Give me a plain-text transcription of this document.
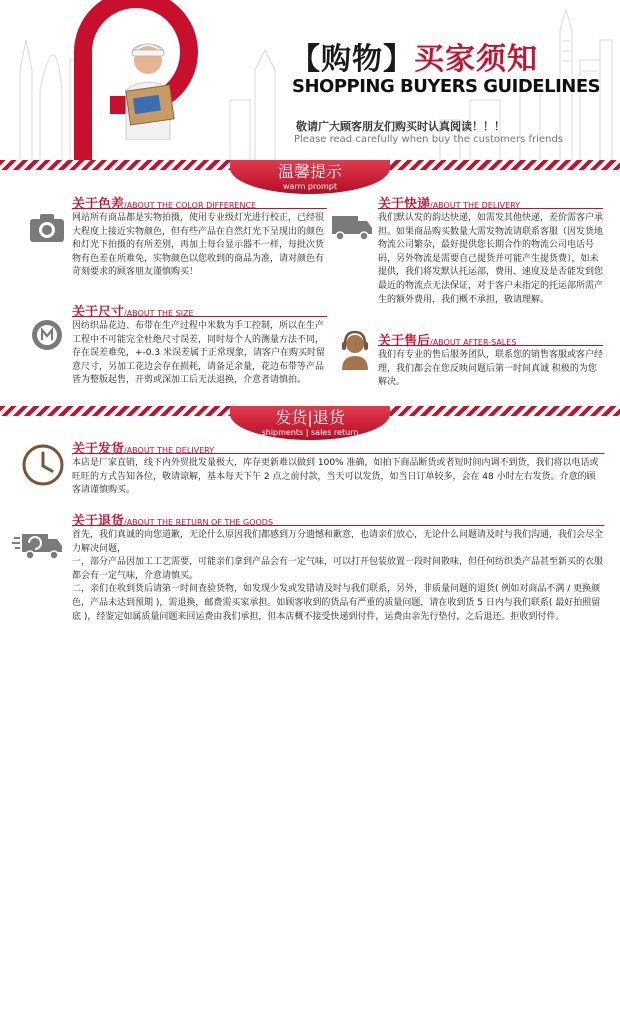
【购物】买家须知
SHOPPING BUYERS GUIDELINES
敬请广大顾客朋友们购买时认真阅读！！！
Please read carefully when buy the customers friends
温馨提示
warm prompt
关于色差/ABOUT THE COLOR DIFFERENCE
网站所有商品都是实物拍摄，使用专业级灯光进行校正，已经很大程度上接近实物颜色，但有些产品在自然灯光下呈现出的颜色和灯光下拍摄的有所差别，再加上每台显示器不一样，每批次货物有色差在所难免，实物颜色以您收到的商品为准，请对颜色有苛刻要求的顾客朋友谨慎购买！
关于尺寸/ABOUT THE SIZE
因纺织品花边、布带在生产过程中米数为手工控制，所以在生产工程中不可能完全杜绝尺寸误差，同时每个人的测量方法不同，存在误差难免，+-0.3 米误差属于正常现象，请客户在购买时留意尺寸，另加工花边会存在损耗，请备足余量，花边布带等产品皆为整版起售，开剪或深加工后无法退换，介意者请慎拍。
关于快递/ABOUT THE DELIVERY
我们默认发的韵达快递，如需发其他快递，差价需客户承担。如果商品购买数量大需发物流请联系客服（因发货地物流公司繁杂，最好提供您长期合作的物流公司电话号码，另外物流是需要自己提货并可能产生提货费），如未提供，我们将发默认托运部，费用、速度及是否能发到您最近的物流点无法保证，对于客户未指定的托运部所需产生的额外费用，我们概不承担，敬请理解。
关于售后/ABOUT AFTER-SALES
我们有专业的售后服务团队，联系您的销售客服或客户经理，我们都会在您反映问题后第一时间真诚 积极的为您解决。
发货|退货
shipments | sales return
关于发货/ABOUT THE DELIVERY
本店是厂家直销，线下内外贸批发量极大，库存更新难以做到 100% 准确，如拍下商品断货或者短时间内调不到货，我们将以电话或旺旺的方式告知各位，敬请谅解，基本每天下午 2 点之前付款，当天可以发货，如当日订单较多，会在 48 小时左右发货。介意的顾客请谨慎购买。
关于退货/ABOUT THE RETURN OF THE GOODS
首先，我们真诚的向您道歉，无论什么原因我们都感到万分遗憾和歉意，也请亲们放心，无论什么问题请及时与我们沟通，我们会尽全力解决问题，
一，部分产品因加工工艺需要，可能亲们拿到产品会有一定气味，可以打开包装放置一段时间散味，但任何纺织类产品甚至新买的衣服都会有一定气味，介意请慎买。
二，亲们在收到货后请第一时间查验货物，如发现少发或发错请及时与我们联系，另外，非质量问题的退货( 例如对商品不满 / 更换颜色，产品未达到预期 )，需退换，邮费需买家承担。如顾客收到的货品有严重的质量问题，请在收到货 5 日内与我们联系( 最好拍照留底 )，经鉴定如属质量问题来回运费由我们承担，但本店概不接受快递到付件，运费由亲先行垫付，之后退还。拒收到付件。
